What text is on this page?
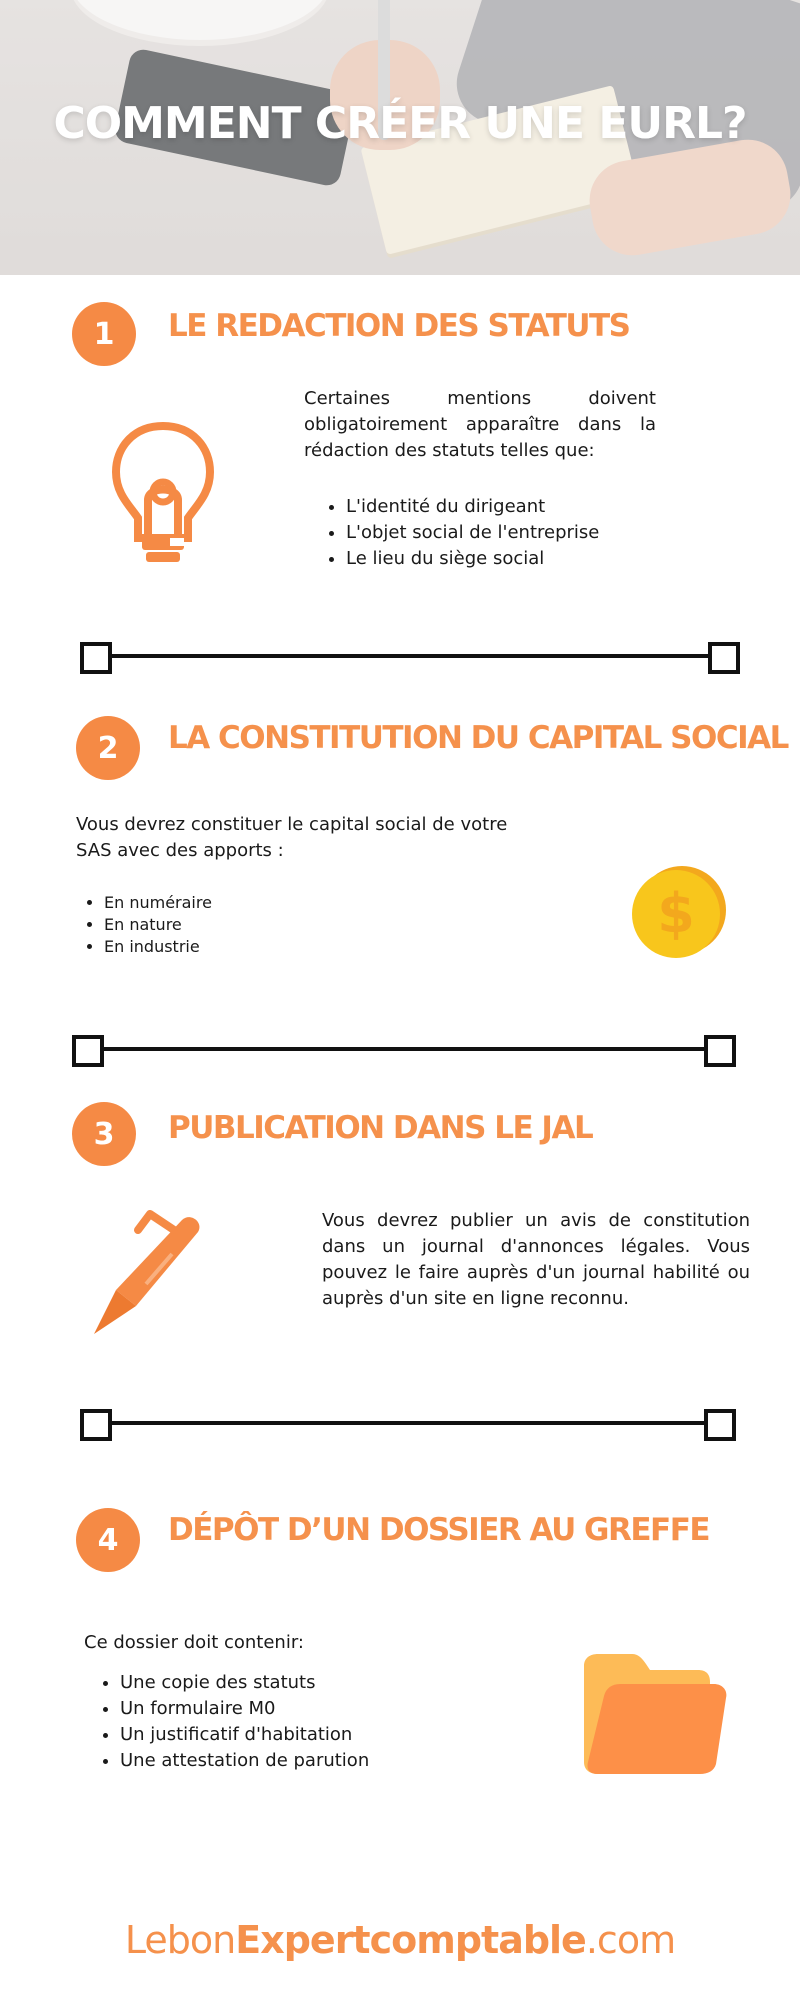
COMMENT CRÉER UNE EURL?
1	LE REDACTION DES STATUTS
Certaines mentions doivent obligatoirement apparaître dans la rédaction des statuts telles que:
• L'identité du dirigeant
• L'objet social de l'entreprise
• Le lieu du siège social
2	LA CONSTITUTION DU CAPITAL SOCIAL
Vous devrez constituer le capital social de votre SAS avec des apports :
• En numéraire
• En nature
• En industrie
$
3	PUBLICATION DANS LE JAL
Vous devrez publier un avis de constitution dans un journal d'annonces légales. Vous pouvez le faire auprès d'un journal habilité ou auprès d'un site en ligne reconnu.
4	DÉPÔT D’UN DOSSIER AU GREFFE
Ce dossier doit contenir:
• Une copie des statuts
• Un formulaire M0
• Un justificatif d'habitation
• Une attestation de parution
LebonExpertcomptable.com
